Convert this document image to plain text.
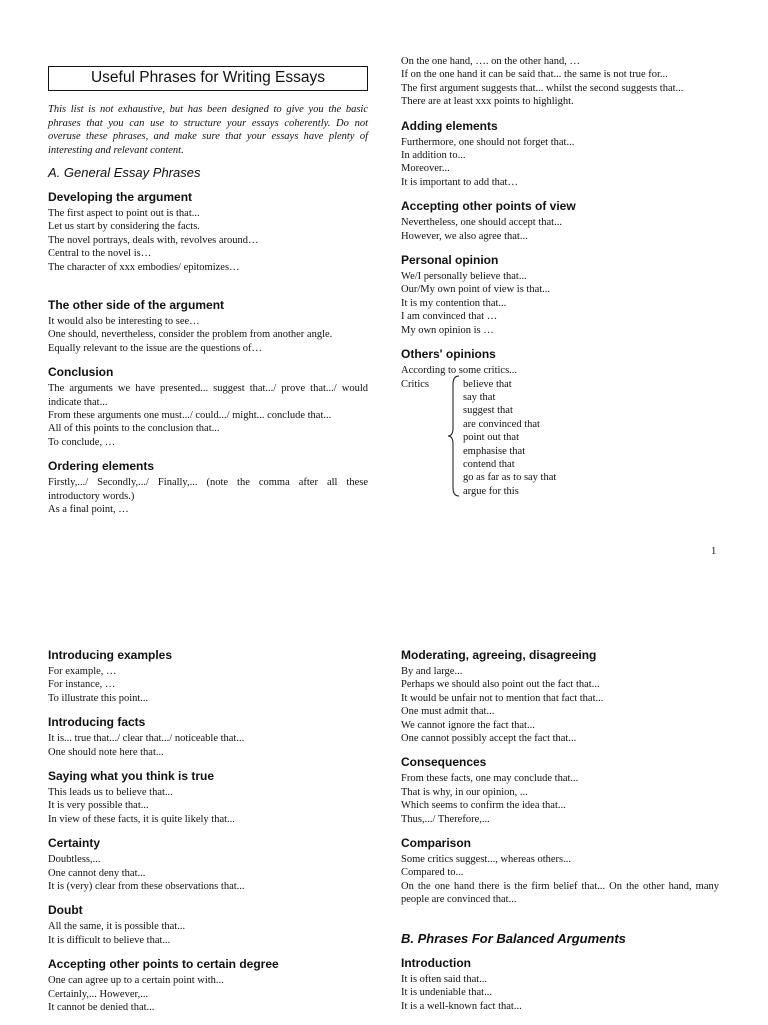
Useful Phrases for Writing Essays

This list is not exhaustive, but has been designed to give you the basic phrases that you can use to structure your essays coherently. Do not overuse these phrases, and make sure that your essays have plenty of interesting and relevant content.

A. General Essay Phrases
Developing the argument
The first aspect to point out is that...
Let us start by considering the facts.
The novel portrays, deals with, revolves around…
Central to the novel is…
The character of xxx embodies/ epitomizes…
The other side of the argument
It would also be interesting to see…
One should, nevertheless, consider the problem from another angle.
Equally relevant to the issue are the questions of…
Conclusion
The arguments we have presented... suggest that.../ prove that.../ would indicate that...
From these arguments one must.../ could.../ might... conclude that...
All of this points to the conclusion that...
To conclude, …
Ordering elements
Firstly,.../ Secondly,.../ Finally,... (note the comma after all these introductory words.)
As a final point, …
On the one hand, …. on the other hand, …
If on the one hand it can be said that... the same is not true for...
The first argument suggests that... whilst the second suggests that...
There are at least xxx points to highlight.
Adding elements
Furthermore, one should not forget that...
In addition to...
Moreover...
It is important to add that…
Accepting other points of view
Nevertheless, one should accept that...
However, we also agree that...
Personal opinion
We/I personally believe that...
Our/My own point of view is that...
It is my contention that...
I am convinced that …
My own opinion is …
Others' opinions
According to some critics...
Critics	believe that
say that
suggest that
are convinced that
point out that
emphasise that
contend that
go as far as to say that
argue for this
1
Introducing examples
For example, …
For instance, …
To illustrate this point...
Introducing facts
It is... true that.../ clear that.../ noticeable that...
One should note here that...
Saying what you think is true
This leads us to believe that...
It is very possible that...
In view of these facts, it is quite likely that...
Certainty
Doubtless,...
One cannot deny that...
It is (very) clear from these observations that...
Doubt
All the same, it is possible that...
It is difficult to believe that...
Accepting other points to certain degree
One can agree up to a certain point with...
Certainly,... However,...
It cannot be denied that...
Moderating, agreeing, disagreeing
By and large...
Perhaps we should also point out the fact that...
It would be unfair not to mention that fact that...
One must admit that...
We cannot ignore the fact that...
One cannot possibly accept the fact that...
Consequences
From these facts, one may conclude that...
That is why, in our opinion, ...
Which seems to confirm the idea that...
Thus,.../ Therefore,...
Comparison
Some critics suggest..., whereas others...
Compared to...
On the one hand there is the firm belief that... On the other hand, many people are convinced that...
B. Phrases For Balanced Arguments
Introduction
It is often said that...
It is undeniable that...
It is a well-known fact that...
